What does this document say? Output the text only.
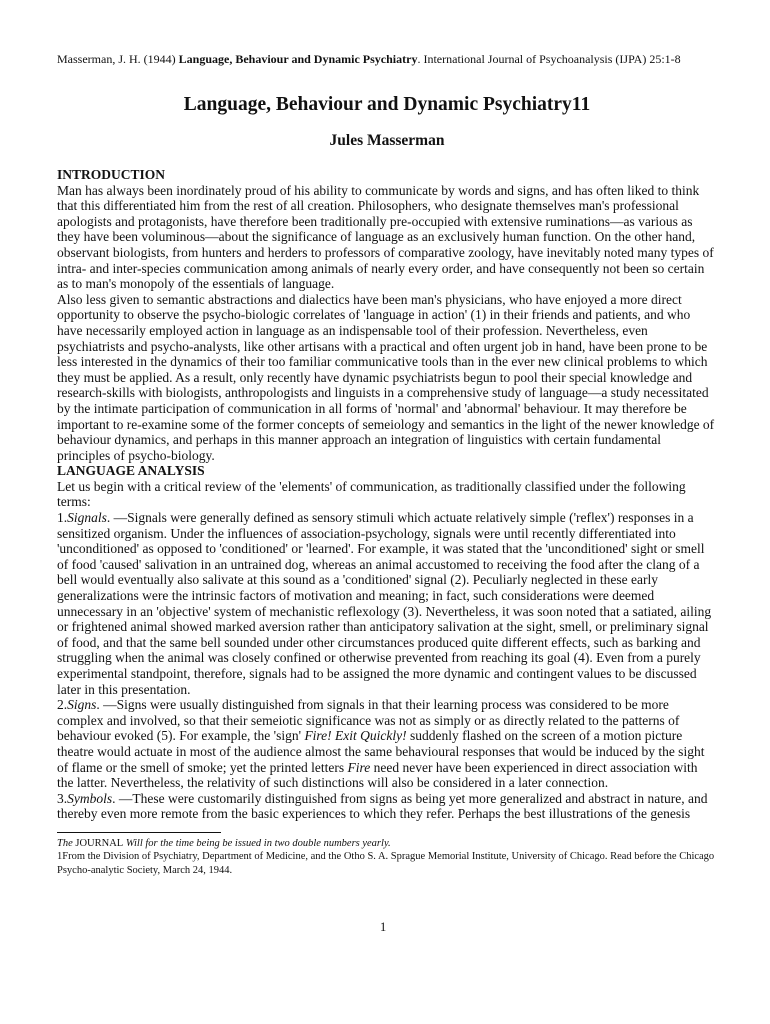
Masserman, J. H. (1944) Language, Behaviour and Dynamic Psychiatry. International Journal of Psychoanalysis (IJPA) 25:1-8

Language, Behaviour and Dynamic Psychiatry11
Jules Masserman

INTRODUCTION

Man has always been inordinately proud of his ability to communicate by words and signs, and has often liked to think that this differentiated him from the rest of all creation. Philosophers, who designate themselves man's professional apologists and protagonists, have therefore been traditionally pre-occupied with extensive ruminations—as various as they have been voluminous—about the significance of language as an exclusively human function. On the other hand, observant biologists, from hunters and herders to professors of comparative zoology, have inevitably noted many types of intra- and inter-species communication among animals of nearly every order, and have consequently not been so certain as to man's monopoly of the essentials of language.

Also less given to semantic abstractions and dialectics have been man's physicians, who have enjoyed a more direct opportunity to observe the psycho-biologic correlates of 'language in action' (1) in their friends and patients, and who have necessarily employed action in language as an indispensable tool of their profession. Nevertheless, even psychiatrists and psycho-analysts, like other artisans with a practical and often urgent job in hand, have been prone to be less interested in the dynamics of their too familiar communicative tools than in the ever new clinical problems to which they must be applied. As a result, only recently have dynamic psychiatrists begun to pool their special knowledge and research-skills with biologists, anthropologists and linguists in a comprehensive study of language—a study necessitated by the intimate participation of communication in all forms of 'normal' and 'abnormal' behaviour. It may therefore be important to re-examine some of the former concepts of semeiology and semantics in the light of the newer knowledge of behaviour dynamics, and perhaps in this manner approach an integration of linguistics with certain fundamental principles of psycho-biology.

LANGUAGE ANALYSIS

Let us begin with a critical review of the 'elements' of communication, as traditionally classified under the following terms:

1.Signals. —Signals were generally defined as sensory stimuli which actuate relatively simple ('reflex') responses in a sensitized organism. Under the influences of association-psychology, signals were until recently differentiated into 'unconditioned' as opposed to 'conditioned' or 'learned'. For example, it was stated that the 'unconditioned' sight or smell of food 'caused' salivation in an untrained dog, whereas an animal accustomed to receiving the food after the clang of a bell would eventually also salivate at this sound as a 'conditioned' signal (2). Peculiarly neglected in these early generalizations were the intrinsic factors of motivation and meaning; in fact, such considerations were deemed unnecessary in an 'objective' system of mechanistic reflexology (3). Nevertheless, it was soon noted that a satiated, ailing or frightened animal showed marked aversion rather than anticipatory salivation at the sight, smell, or preliminary signal of food, and that the same bell sounded under other circumstances produced quite different effects, such as barking and struggling when the animal was closely confined or otherwise prevented from reaching its goal (4). Even from a purely experimental standpoint, therefore, signals had to be assigned the more dynamic and contingent values to be discussed later in this presentation.

2.Signs. —Signs were usually distinguished from signals in that their learning process was considered to be more complex and involved, so that their semeiotic significance was not as simply or as directly related to the patterns of behaviour evoked (5). For example, the 'sign' Fire! Exit Quickly! suddenly flashed on the screen of a motion picture theatre would actuate in most of the audience almost the same behavioural responses that would be induced by the sight of flame or the smell of smoke; yet the printed letters Fire need never have been experienced in direct association with the latter. Nevertheless, the relativity of such distinctions will also be considered in a later connection.

3.Symbols. —These were customarily distinguished from signs as being yet more generalized and abstract in nature, and thereby even more remote from the basic experiences to which they refer. Perhaps the best illustrations of the genesis

The JOURNAL Will for the time being be issued in two double numbers yearly.

1From the Division of Psychiatry, Department of Medicine, and the Otho S. A. Sprague Memorial Institute, University of Chicago. Read before the Chicago Psycho-analytic Society, March 24, 1944.

1
